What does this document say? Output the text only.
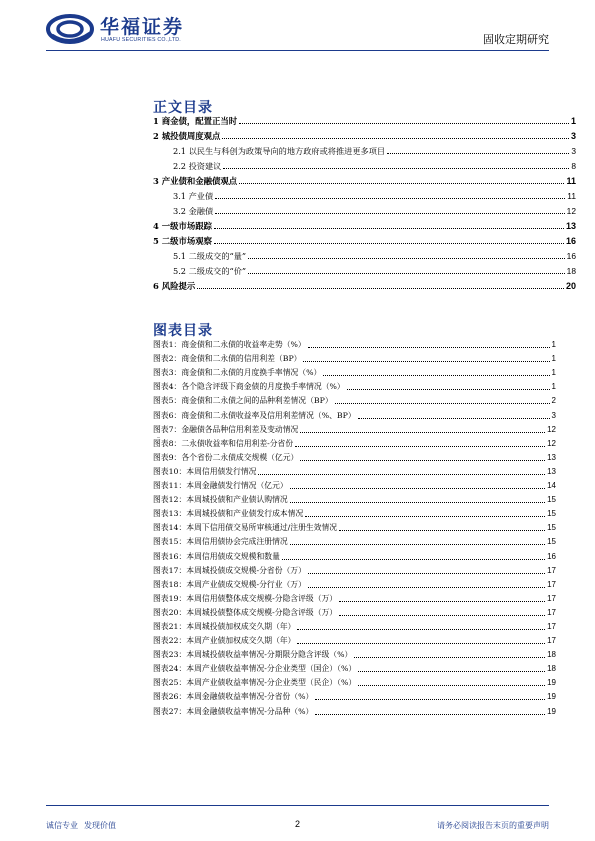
华福证券
HUAFU SECURITIES CO.,LTD.	固收定期研究
正文目录
1 商金债，配置正当时	1
2 城投债周度观点	3
2.1 以民生与科创为政策导向的地方政府或将推进更多项目	3
2.2 投资建议	8
3 产业债和金融债观点	11
3.1 产业债	11
3.2 金融债	12
4 一级市场跟踪	13
5 二级市场观察	16
5.1 二级成交的“量”	16
5.2 二级成交的“价”	18
6 风险提示	20
图表目录
图表1：商金债和二永债的收益率走势（%）	1
图表2：商金债和二永债的信用利差（BP）	1
图表3：商金债和二永债的月度换手率情况（%）	1
图表4：各个隐含评级下商金债的月度换手率情况（%）	1
图表5：商金债和二永债之间的品种利差情况（BP）	2
图表6：商金债和二永债收益率及信用利差情况（%、BP）	3
图表7：金融债各品种信用利差及变动情况	12
图表8：二永债收益率和信用利差-分省份	12
图表9：各个省份二永债成交规模（亿元）	13
图表10：本周信用债发行情况	13
图表11：本周金融债发行情况（亿元）	14
图表12：本周城投债和产业债认购情况	15
图表13：本周城投债和产业债发行成本情况	15
图表14：本周下信用债交易所审核通过/注册生效情况	15
图表15：本周信用债协会完成注册情况	15
图表16：本周信用债成交规模和数量	16
图表17：本周城投债成交规模-分省份（万）	17
图表18：本周产业债成交规模-分行业（万）	17
图表19：本周信用债整体成交规模-分隐含评级（万）	17
图表20：本周城投债整体成交规模-分隐含评级（万）	17
图表21：本周城投债加权成交久期（年）	17
图表22：本周产业债加权成交久期（年）	17
图表23：本周城投债收益率情况-分期限分隐含评级（%）	18
图表24：本周产业债收益率情况-分企业类型（国企）（%）	18
图表25：本周产业债收益率情况-分企业类型（民企）（%）	19
图表26：本周金融债收益率情况-分省份（%）	19
图表27：本周金融债收益率情况-分品种（%）	19
诚信专业 发现价值	2	请务必阅读报告末页的重要声明
